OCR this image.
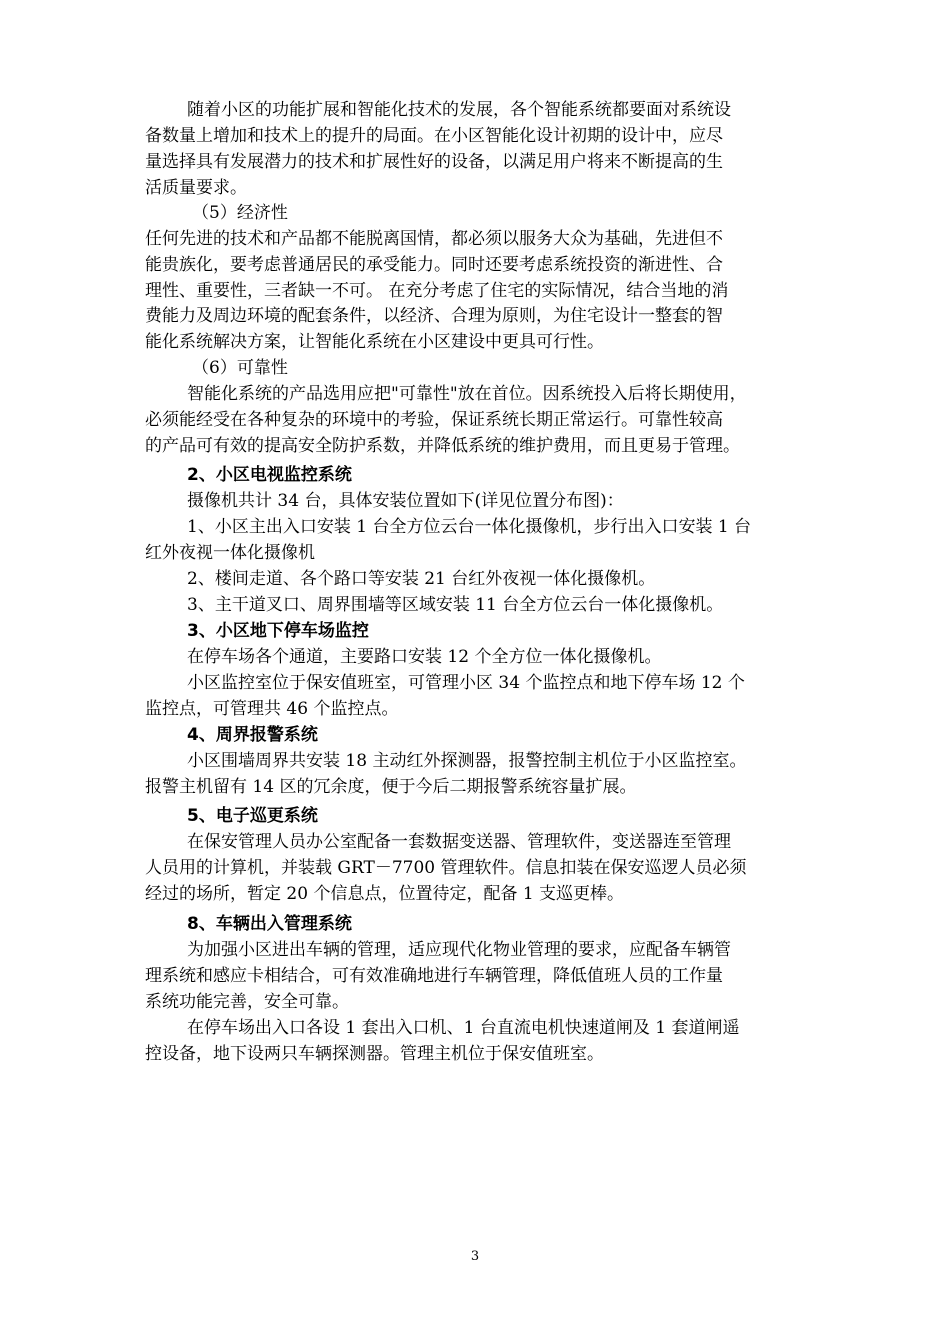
随着小区的功能扩展和智能化技术的发展，各个智能系统都要面对系统设
备数量上增加和技术上的提升的局面。在小区智能化设计初期的设计中，应尽
量选择具有发展潜力的技术和扩展性好的设备，以满足用户将来不断提高的生
活质量要求。
（5）经济性
任何先进的技术和产品都不能脱离国情，都必须以服务大众为基础，先进但不
能贵族化，要考虑普通居民的承受能力。同时还要考虑系统投资的渐进性、合
理性、重要性，三者缺一不可。 在充分考虑了住宅的实际情况，结合当地的消
费能力及周边环境的配套条件，以经济、合理为原则，为住宅设计一整套的智
能化系统解决方案，让智能化系统在小区建设中更具可行性。
（6）可靠性
智能化系统的产品选用应把"可靠性"放在首位。因系统投入后将长期使用，
必须能经受在各种复杂的环境中的考验，保证系统长期正常运行。可靠性较高
的产品可有效的提高安全防护系数，并降低系统的维护费用，而且更易于管理。
2、小区电视监控系统
摄像机共计 34 台，具体安装位置如下(详见位置分布图)：
1、小区主出入口安装 1 台全方位云台一体化摄像机，步行出入口安装 1 台
红外夜视一体化摄像机
2、楼间走道、各个路口等安装 21 台红外夜视一体化摄像机。
3、主干道叉口、周界围墙等区域安装 11 台全方位云台一体化摄像机。
3、小区地下停车场监控
在停车场各个通道，主要路口安装 12 个全方位一体化摄像机。
小区监控室位于保安值班室，可管理小区 34 个监控点和地下停车场 12 个
监控点，可管理共 46 个监控点。
4、周界报警系统
小区围墙周界共安装 18 主动红外探测器，报警控制主机位于小区监控室。
报警主机留有 14 区的冗余度，便于今后二期报警系统容量扩展。
5、电子巡更系统
在保安管理人员办公室配备一套数据变送器、管理软件，变送器连至管理
人员用的计算机，并装载 GRT－7700 管理软件。信息扣装在保安巡逻人员必须
经过的场所，暂定 20 个信息点，位置待定，配备 1 支巡更棒。
8、车辆出入管理系统
为加强小区进出车辆的管理，适应现代化物业管理的要求，应配备车辆管
理系统和感应卡相结合，可有效准确地进行车辆管理，降低值班人员的工作量
系统功能完善，安全可靠。
在停车场出入口各设 1 套出入口机、1 台直流电机快速道闸及 1 套道闸遥
控设备，地下设两只车辆探测器。管理主机位于保安值班室。
3
